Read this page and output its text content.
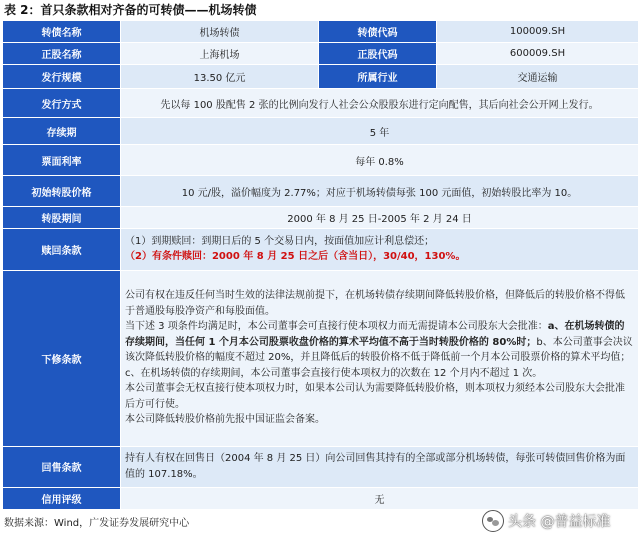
表 2：首只条款相对齐备的可转债——机场转债
转债名称	机场转债	转债代码	100009.SH
正股名称	上海机场	正股代码	600009.SH
发行规模	13.50 亿元	所属行业	交通运输
发行方式	先以每 100 股配售 2 张的比例向发行人社会公众股股东进行定向配售，其后向社会公开网上发行。		
存续期	5 年		
票面利率	每年 0.8%		
初始转股价格	10 元/股，溢价幅度为 2.77%；对应于机场转债每张 100 元面值，初始转股比率为 10。		
转股期间	2000 年 8 月 25 日-2005 年 2 月 24 日		
赎回条款	（1）到期赎回：到期日后的 5 个交易日内，按面值加应计利息偿还；

（2）有条件赎回：2000 年 8 月 25 日之后（含当日），30/40，130%。		

下修条款	公司有权在违反任何当时生效的法律法规前提下，在机场转债存续期间降低转股价格，但降低后的转股价格不得低于普通股每股净资产和每股面值。

当下述 3 项条件均满足时，本公司董事会可直接行使本项权力而无需提请本公司股东大会批准：a、在机场转债的存续期间，当任何 1 个月本公司股票收盘价格的算术平均值不高于当时转股价格的 80%时；b、本公司董事会决议该次降低转股价格的幅度不超过 20%，并且降低后的转股价格不低于降低前一个月本公司股票价格的算术平均值；c、在机场转债的存续期间，本公司董事会直接行使本项权力的次数在 12 个月内不超过 1 次。

本公司董事会无权直接行使本项权力时，如果本公司认为需要降低转股价格，则本项权力须经本公司股东大会批准后方可行使。

本公司降低转股价格前先报中国证监会备案。		

回售条款	持有人有权在回售日（2004 年 8 月 25 日）向公司回售其持有的全部或部分机场转债，每张可转债回售价格为面值的 107.18%。		

信用评级	无		
数据来源：Wind，广发证券发展研究中心	头条 @普益标准
